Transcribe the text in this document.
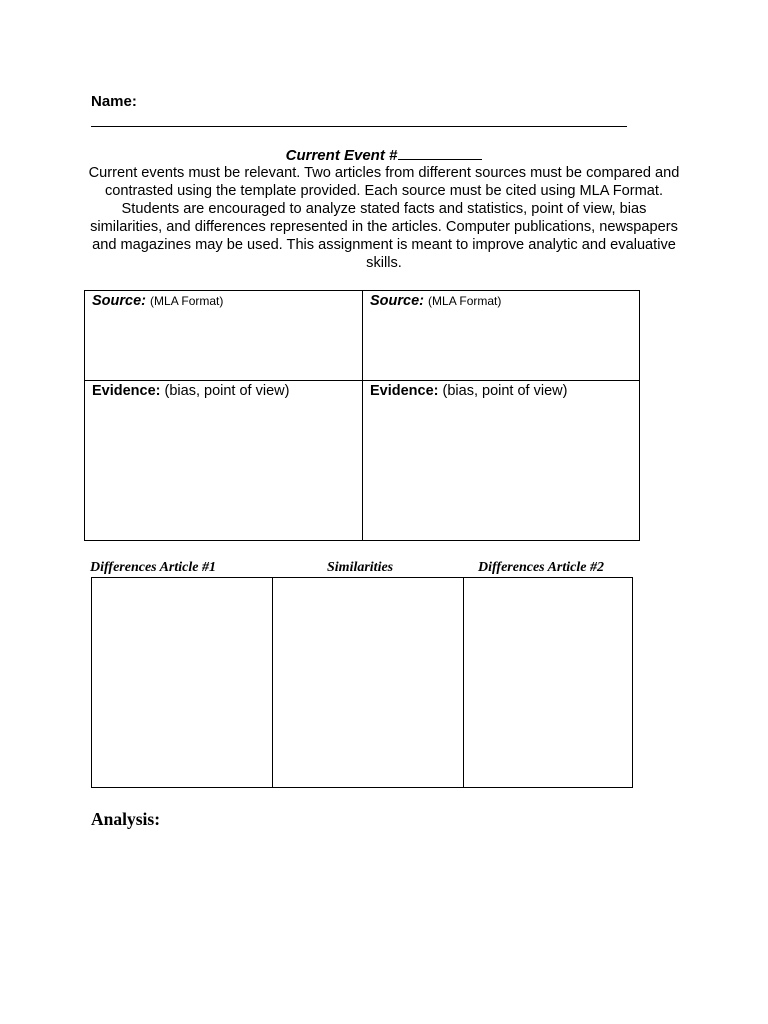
Name:
Current Event #
Current events must be relevant. Two articles from different sources must be compared and contrasted using the template provided. Each source must be cited using MLA Format. Students are encouraged to analyze stated facts and statistics, point of view, bias similarities, and differences represented in the articles. Computer publications, newspapers and magazines may be used. This assignment is meant to improve analytic and evaluative skills.
Source: (MLA Format)	Source: (MLA Format)
Evidence: (bias, point of view)	Evidence: (bias, point of view)
Differences Article #1	Similarities	Differences Article #2
Analysis:
